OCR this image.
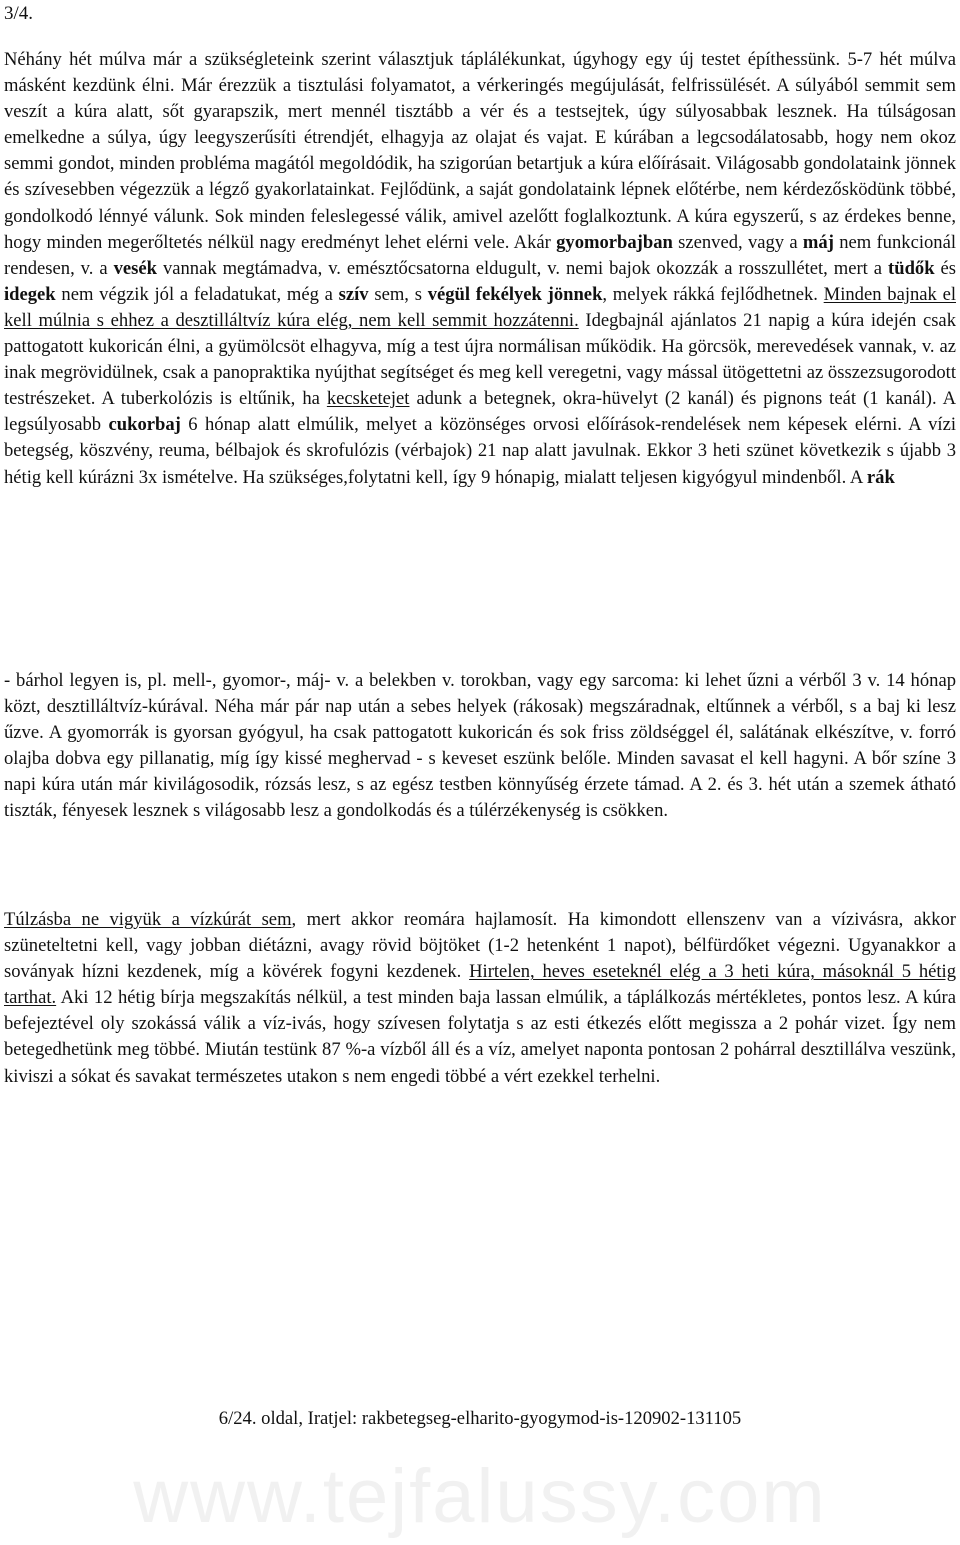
3/4.

Néhány hét múlva már a szükségleteink szerint választjuk táplálékunkat, úgyhogy egy új testet építhessünk. 5-7 hét múlva másként kezdünk élni. Már érezzük a tisztulási folyamatot, a vérkeringés megújulását, felfrissülését. A súlyából semmit sem veszít a kúra alatt, sőt gyarapszik, mert mennél tisztább a vér és a testsejtek, úgy súlyosabbak lesznek. Ha túlságosan emelkedne a súlya, úgy leegyszerűsíti étrendjét, elhagyja az olajat és vajat. E kúrában a legcsodálatosabb, hogy nem okoz semmi gondot, minden probléma magától megoldódik, ha szigorúan betartjuk a kúra előírásait. Világosabb gondolataink jönnek és szívesebben végezzük a légző gyakorlatainkat. Fejlődünk, a saját gondolataink lépnek előtérbe, nem kérdezősködünk többé, gondolkodó lénnyé válunk. Sok minden feleslegessé válik, amivel azelőtt foglalkoztunk. A kúra egyszerű, s az érdekes benne, hogy minden megerőltetés nélkül nagy eredményt lehet elérni vele. Akár gyomorbajban szenved, vagy a máj nem funkcionál rendesen, v. a vesék vannak megtámadva, v. emésztőcsatorna eldugult, v. nemi bajok okozzák a rosszullétet, mert a tüdők és idegek nem végzik jól a feladatukat, még a szív sem, s végül fekélyek jönnek, melyek rákká fejlődhetnek. Minden bajnak el kell múlnia s ehhez a desztilláltvíz kúra elég, nem kell semmit hozzátenni. Idegbajnál ajánlatos 21 napig a kúra idején csak pattogatott kukoricán élni, a gyümölcsöt elhagyva, míg a test újra normálisan működik. Ha görcsök, merevedések vannak, v. az inak megrövidülnek, csak a panopraktika nyújthat segítséget és meg kell veregetni, vagy mással ütögettetni az összezsugorodott testrészeket. A tuberkolózis is eltűnik, ha kecsketejet adunk a betegnek, okra-hüvelyt (2 kanál) és pignons teát (1 kanál). A legsúlyosabb cukorbaj 6 hónap alatt elmúlik, melyet a közönséges orvosi előírások-rendelések nem képesek elérni. A vízi betegség, köszvény, reuma, bélbajok és skrofulózis (vérbajok) 21 nap alatt javulnak. Ekkor 3 heti szünet következik s újabb 3 hétig kell kúrázni 3x ismételve. Ha szükséges,folytatni kell, így 9 hónapig, mialatt teljesen kigyógyul mindenből. A rák

- bárhol legyen is, pl. mell-, gyomor-, máj- v. a belekben v. torokban, vagy egy sarcoma: ki lehet űzni a vérből 3 v. 14 hónap közt, desztilláltvíz-kúrával. Néha már pár nap után a sebes helyek (rákosak) megszáradnak, eltűnnek a vérből, s a baj ki lesz űzve. A gyomorrák is gyorsan gyógyul, ha csak pattogatott kukoricán és sok friss zöldséggel él, salátának elkészítve, v. forró olajba dobva egy pillanatig, míg így kissé meghervad - s keveset eszünk belőle. Minden savasat el kell hagyni. A bőr színe 3 napi kúra után már kivilágosodik, rózsás lesz, s az egész testben könnyűség érzete támad. A 2. és 3. hét után a szemek átható tiszták, fényesek lesznek s világosabb lesz a gondolkodás és a túlérzékenység is csökken.

Túlzásba ne vigyük a vízkúrát sem, mert akkor reomára hajlamosít. Ha kimondott ellenszenv van a vízivásra, akkor szüneteltetni kell, vagy jobban diétázni, avagy rövid böjtöket (1-2 hetenként 1 napot), bélfürdőket végezni. Ugyanakkor a soványak hízni kezdenek, míg a kövérek fogyni kezdenek. Hirtelen, heves eseteknél elég a 3 heti kúra, másoknál 5 hétig tarthat. Aki 12 hétig bírja megszakítás nélkül, a test minden baja lassan elmúlik, a táplálkozás mértékletes, pontos lesz. A kúra befejeztével oly szokássá válik a víz-ivás, hogy szívesen folytatja s az esti étkezés előtt megissza a 2 pohár vizet. Így nem betegedhetünk meg többé. Miután testünk 87 %-a vízből áll és a víz, amelyet naponta pontosan 2 pohárral desztillálva veszünk, kiviszi a sókat és savakat természetes utakon s nem engedi többé a vért ezekkel terhelni.

6/24. oldal, Iratjel: rakbetegseg-elharito-gyogymod-is-120902-131105
www.tejfalussy.com
